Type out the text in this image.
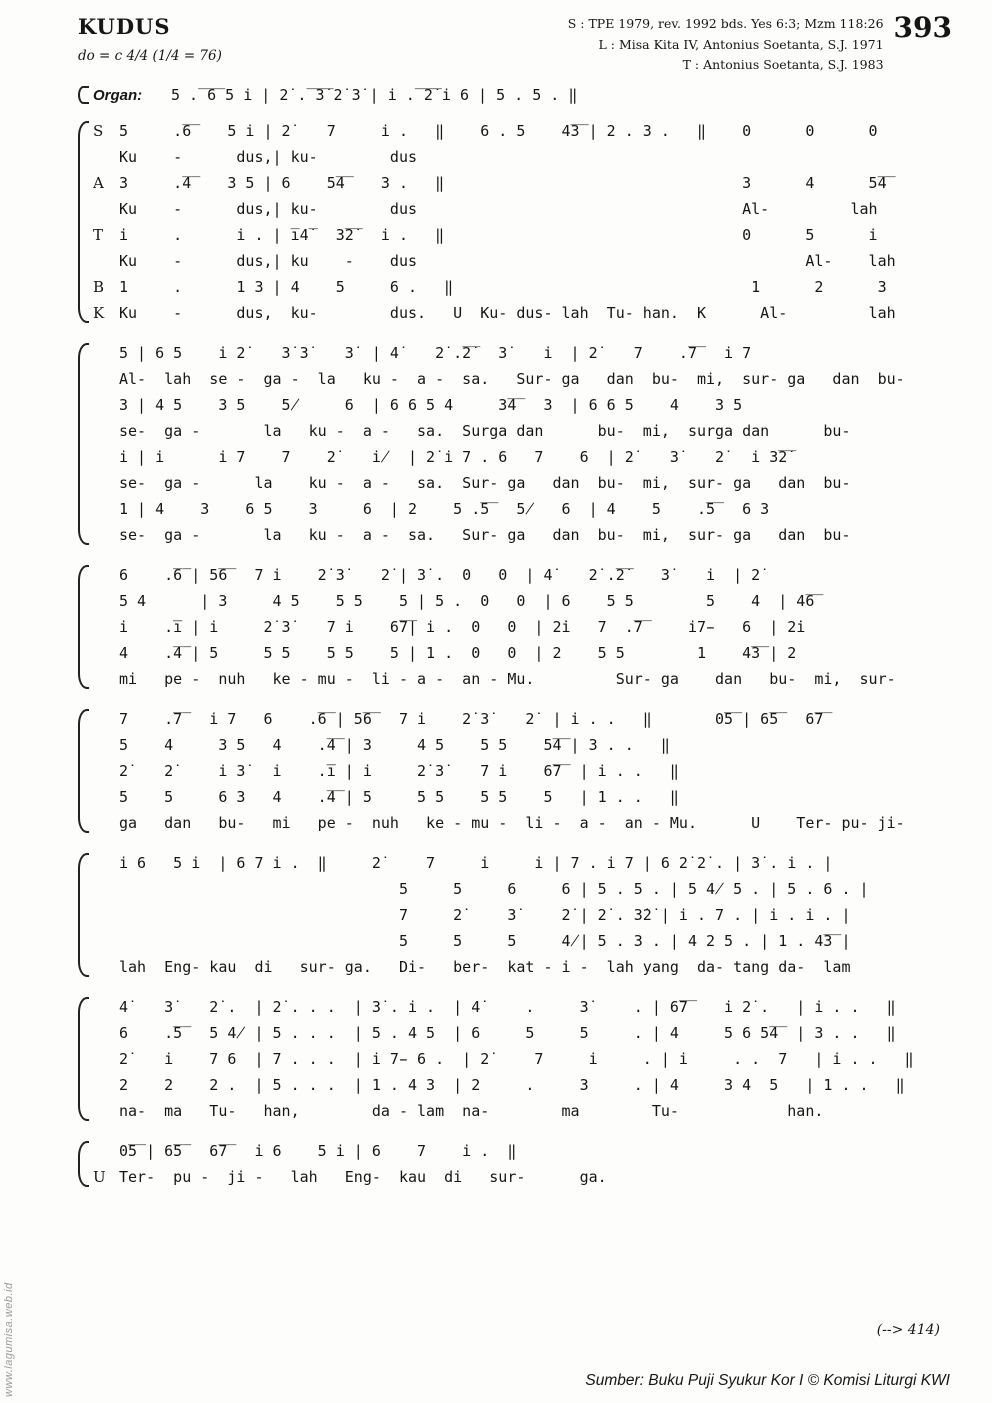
www.lagumisa.web.id
KUDUS
do = c 4/4 (1/4 = 76)
S : TPE 1979, rev. 1992 bds. Yes 6:3; Mzm 118:26
L : Misa Kita IV, Antonius Soetanta, S.J. 1971
T : Antonius Soetanta, S.J. 1983
393
Organ:	5 .̅ ̅6̅ 5 i | 2̇ .̅ ̅3̇̅ 2̇ 3̇ | i .̅ ̅2̇̅ i 6 | 5 . 5 . ‖
S	5     .̅6̅    5 i | 2̇    7     i .   ‖    6 . 5    4̅3̅ | 2 . 3 .   ‖    0      0      0
Ku    -      dus,| ku-        dus
A	3     .̅4̅    3 5 | 6    5̅4̅    3 .   ‖                                 3      4      5̅4̅
Ku    -      dus,| ku-        dus                                    Al-         lah
T	i     .      i . | i̅4̇̅   3̇̅2̇̅   i .   ‖                                 0      5      i
Ku    -      dus,| ku    -    dus                                           Al-    lah
B 1     .      1 3 | 4    5     6 .   ‖                                 1      2      3
K Ku    -      dus,  ku-        dus.   U  Ku- dus- lah  Tu- han.  K      Al-         lah
5 | 6 5    i 2̇    3̇ 3̇    3̇  | 4̇    2̇ .̅2̇̅   3̇    i  | 2̇    7    .̅7̅   i 7
Al-  lah  se -  ga -  la   ku -  a -  sa.   Sur- ga   dan  bu-  mi,  sur- ga   dan  bu-
3 | 4 5    3 5    5̸     6  | 6 6 5 4     3̅4̅   3  | 6 6 5    4    3 5
se-  ga -       la   ku -  a -   sa.  Surga dan      bu-  mi,  surga dan      bu-
i | i      i 7    7    2̇    i̸  | 2̇ i 7 . 6   7    6  | 2̇    3̇    2̇   i 3̇̅2̇̅
se-  ga -      la    ku -  a -   sa.  Sur- ga   dan  bu-  mi,  sur- ga   dan  bu-
1 | 4    3    6 5    3     6  | 2    5 .̅5̅   5̸   6  | 4    5    .̅5̅   6 3
se-  ga -       la   ku -  a -  sa.   Sur- ga   dan  bu-  mi,  sur- ga   dan  bu-
6    .̅6̅ | 5̅6̅   7 i    2̇ 3̇    2̇ | 3̇ .  0   0  | 4̇    2̇ .̅2̇̅    3̇    i  | 2̇
5 4      | 3     4 5    5 5    5 | 5 .  0   0  | 6    5 5        5    4  | 4̅6̅
i    .̅i̅ | i     2̇ 3̇    7 i    6̅7̅| i .  0   0  | 2̇i   7  .̅7̅     i7̵   6  | 2̇i
4    .̅4̅ | 5     5 5    5 5    5 | 1 .  0   0  | 2    5 5        1    4̅3̅ | 2
mi   pe -  nuh   ke - mu -  li - a -  an - Mu.         Sur- ga    dan   bu-  mi,  sur-
7    .̅7̅   i 7   6    .̅6̅ | 5̅6̅   7 i    2̇ 3̇    2̇  | i . .   ‖       0̅5̅ | 6̅5̅   6̅7̅
5    4     3 5   4    .̅4̅ | 3     4 5    5 5    5̅4̅ | 3 . .   ‖
2̇    2̇     i 3̇   i    .̅i̅ | i     2̇ 3̇    7 i    6̅7̅  | i . .   ‖
5    5     6 3   4    .̅4̅ | 5     5 5    5 5    5   | 1 . .   ‖
ga   dan   bu-   mi   pe -  nuh   ke - mu -  li -  a -  an - Mu.      U    Ter- pu- ji-
i 6   5 i  | 6 7 i .  ‖     2̇     7     i     i | 7 . i 7 | 6 2̇ 2̇ . | 3̇ . i . |
5     5     6     6 | 5 . 5 . | 5 4̸ 5 . | 5 . 6 . |
7     2̇     3̇     2̇ | 2̇ . 3̇2̇ | i . 7 . | i . i . |
5     5     5     4̸| 5 . 3 . | 4 2 5 . | 1 . 4̅3̅ |
lah  Eng- kau  di   sur- ga.   Di-   ber-  kat - i -  lah yang  da- tang da-  lam
4̇    3̇    2̇ .  | 2̇ . . .  | 3̇ . i .  | 4̇     .     3̇     . | 6̅7̅    i 2̇ .   | i . .   ‖
6    .̅5̅   5 4̸ | 5 . . .  | 5 . 4 5  | 6     5     5     . | 4     5 6 5̅4̅  | 3 . .   ‖
2̇    i    7 6  | 7 . . .  | i 7̵ 6 .  | 2̇     7     i     . | i     . .  7   | i . .   ‖
2    2    2 .  | 5 . . .  | 1 . 4 3  | 2     .     3     . | 4     3 4  5   | 1 . .   ‖
na-  ma   Tu-   han,        da - lam  na-        ma        Tu-            han.
0̅5̅ | 6̅5̅   6̅7̅   i 6    5 i | 6    7    i .  ‖
U Ter-  pu -  ji -   lah   Eng-  kau  di   sur-      ga.
(--> 414)
Sumber: Buku Puji Syukur Kor I © Komisi Liturgi KWI
